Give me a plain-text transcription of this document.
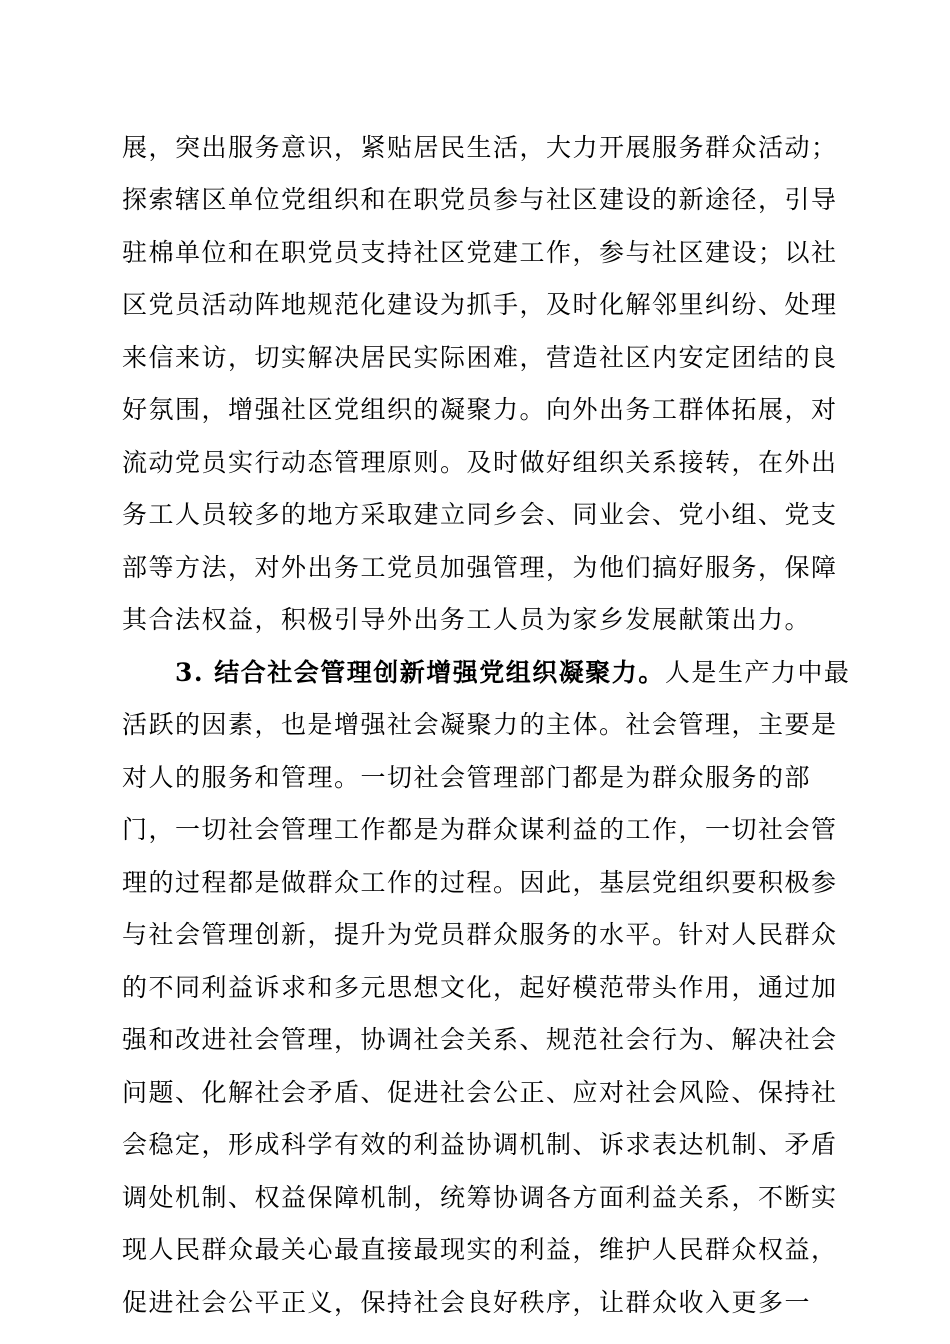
展，突出服务意识，紧贴居民生活，大力开展服务群众活动；
探索辖区单位党组织和在职党员参与社区建设的新途径，引导
驻棉单位和在职党员支持社区党建工作，参与社区建设；以社
区党员活动阵地规范化建设为抓手，及时化解邻里纠纷、处理
来信来访，切实解决居民实际困难，营造社区内安定团结的良
好氛围，增强社区党组织的凝聚力。向外出务工群体拓展，对
流动党员实行动态管理原则。及时做好组织关系接转，在外出
务工人员较多的地方采取建立同乡会、同业会、党小组、党支
部等方法，对外出务工党员加强管理，为他们搞好服务，保障
其合法权益，积极引导外出务工人员为家乡发展献策出力。
3. 结合社会管理创新增强党组织凝聚力。人是生产力中最
活跃的因素，也是增强社会凝聚力的主体。社会管理，主要是
对人的服务和管理。一切社会管理部门都是为群众服务的部
门，一切社会管理工作都是为群众谋利益的工作，一切社会管
理的过程都是做群众工作的过程。因此，基层党组织要积极参
与社会管理创新，提升为党员群众服务的水平。针对人民群众
的不同利益诉求和多元思想文化，起好模范带头作用，通过加
强和改进社会管理，协调社会关系、规范社会行为、解决社会
问题、化解社会矛盾、促进社会公正、应对社会风险、保持社
会稳定，形成科学有效的利益协调机制、诉求表达机制、矛盾
调处机制、权益保障机制，统筹协调各方面利益关系，不断实
现人民群众最关心最直接最现实的利益，维护人民群众权益，
促进社会公平正义，保持社会良好秩序，让群众收入更多一
